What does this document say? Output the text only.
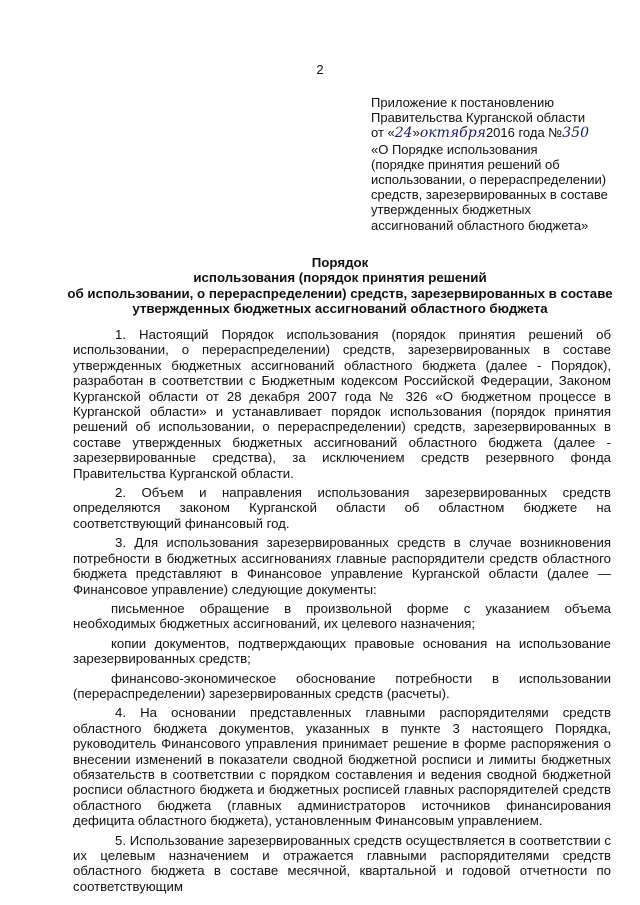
2
Приложение к постановлению
Правительства Курганской области
от «24»октября2016 года №350
«О Порядке использования
(порядке принятия решений об
использовании, о перераспределении)
средств, зарезервированных в составе
утвержденных бюджетных
ассигнований областного бюджета»
Порядок
использования (порядок принятия решений
об использовании, о перераспределении) средств, зарезервированных в составе
утвержденных бюджетных ассигнований областного бюджета

1. Настоящий Порядок использования (порядок принятия решений об использовании, о перераспределении) средств, зарезервированных в составе утвержденных бюджетных ассигнований областного бюджета (далее - Порядок), разработан в соответствии с Бюджетным кодексом Российской Федерации, Законом Курганской области от 28 декабря 2007 года № 326 «О бюджетном процессе в Курганской области» и устанавливает порядок использования (порядок принятия решений об использовании, о перераспределении) средств, зарезервированных в составе утвержденных бюджетных ассигнований областного бюджета (далее - зарезервированные средства), за исключением средств резервного фонда Правительства Курганской области.

2. Объем и направления использования зарезервированных средств определяются законом Курганской области об областном бюджете на соответствующий финансовый год.

3. Для использования зарезервированных средств в случае возникновения потребности в бюджетных ассигнованиях главные распорядители средств областного бюджета представляют в Финансовое управление Курганской области (далее — Финансовое управление) следующие документы:

письменное обращение в произвольной форме с указанием объема необходимых бюджетных ассигнований, их целевого назначения;

копии документов, подтверждающих правовые основания на использование зарезервированных средств;

финансово-экономическое обоснование потребности в использовании (перераспределении) зарезервированных средств (расчеты).

4. На основании представленных главными распорядителями средств областного бюджета документов, указанных в пункте 3 настоящего Порядка, руководитель Финансового управления принимает решение в форме распоряжения о внесении изменений в показатели сводной бюджетной росписи и лимиты бюджетных обязательств в соответствии с порядком составления и ведения сводной бюджетной росписи областного бюджета и бюджетных росписей главных распорядителей средств областного бюджета (главных администраторов источников финансирования дефицита областного бюджета), установленным Финансовым управлением.

5. Использование зарезервированных средств осуществляется в соответствии с их целевым назначением и отражается главными распорядителями средств областного бюджета в составе месячной, квартальной и годовой отчетности по соответствующим
